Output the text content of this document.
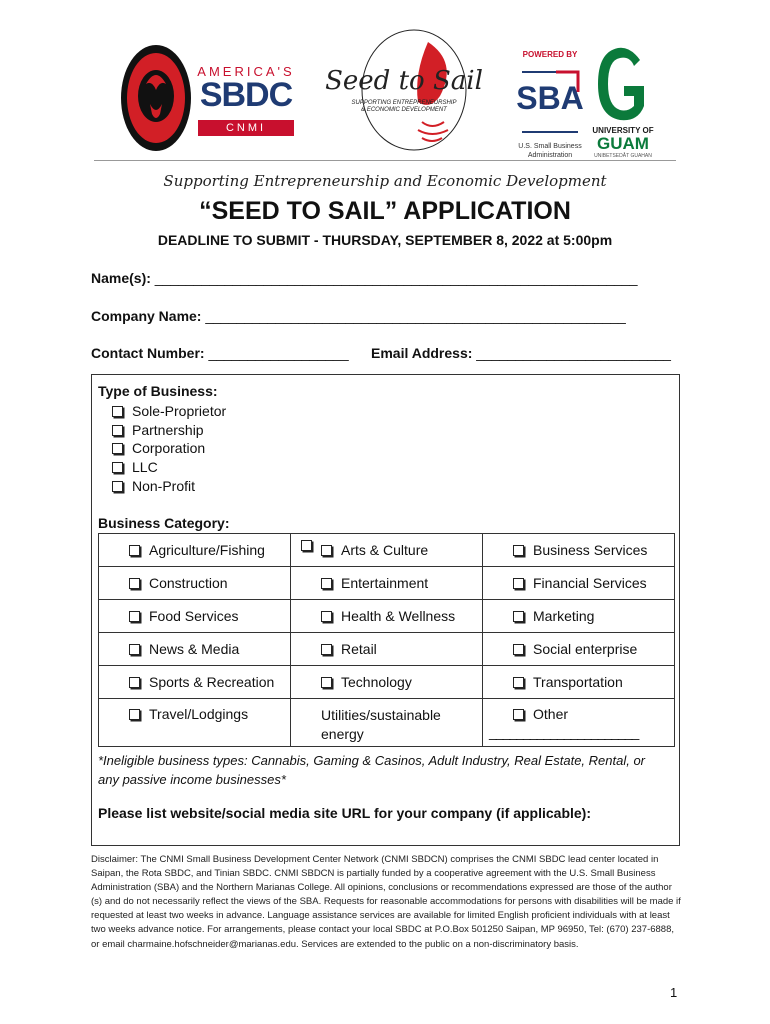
AMERICA'S
SBDC
CNMI
Seed to Sail
SUPPORTING ENTREPRENEURSHIP
& ECONOMIC DEVELOPMENT
POWERED BY
SBA
U.S. Small Business
Administration
UNIVERSITY OF
GUAM
UNIBETSEDÅT GUAHAN
Supporting Entrepreneurship and Economic Development
“SEED TO SAIL” APPLICATION
DEADLINE TO SUBMIT - THURSDAY, SEPTEMBER 8, 2022 at 5:00pm
Name(s): ______________________________________________________________
Company Name: ______________________________________________________
Contact Number: __________________ Email Address: _________________________
Type of Business:
Sole-Proprietor
Partnership
Corporation
LLC
Non-Profit
Business Category:
Agriculture/Fishing	Arts & Culture	Business Services
Construction	Entertainment	Financial Services
Food Services	Health & Wellness	Marketing
News & Media	Retail	Social enterprise
Sports & Recreation	Technology	Transportation
Travel/Lodgings	Utilities/sustainable energy	Other
______________________
*Ineligible business types: Cannabis, Gaming & Casinos, Adult Industry, Real Estate, Rental, or any passive income businesses*
Please list website/social media site URL for your company (if applicable):
Disclaimer: The CNMI Small Business Development Center Network (CNMI SBDCN) comprises the CNMI SBDC lead center located in Saipan, the Rota SBDC, and Tinian SBDC. CNMI SBDCN is partially funded by a cooperative agreement with the U.S. Small Business Administration (SBA) and the Northern Marianas College. All opinions, conclusions or recommendations expressed are those of the author (s) and do not necessarily reflect the views of the SBA. Requests for reasonable accommodations for persons with disabilities will be made if requested at least two weeks in advance. Language assistance services are available for limited English proficient individuals with at least two weeks advance notice. For arrangements, please contact your local SBDC at P.O.Box 501250 Saipan, MP 96950, Tel: (670) 237-6888, or email charmaine.hofschneider@marianas.edu. Services are extended to the public on a non-discriminatory basis.
1
